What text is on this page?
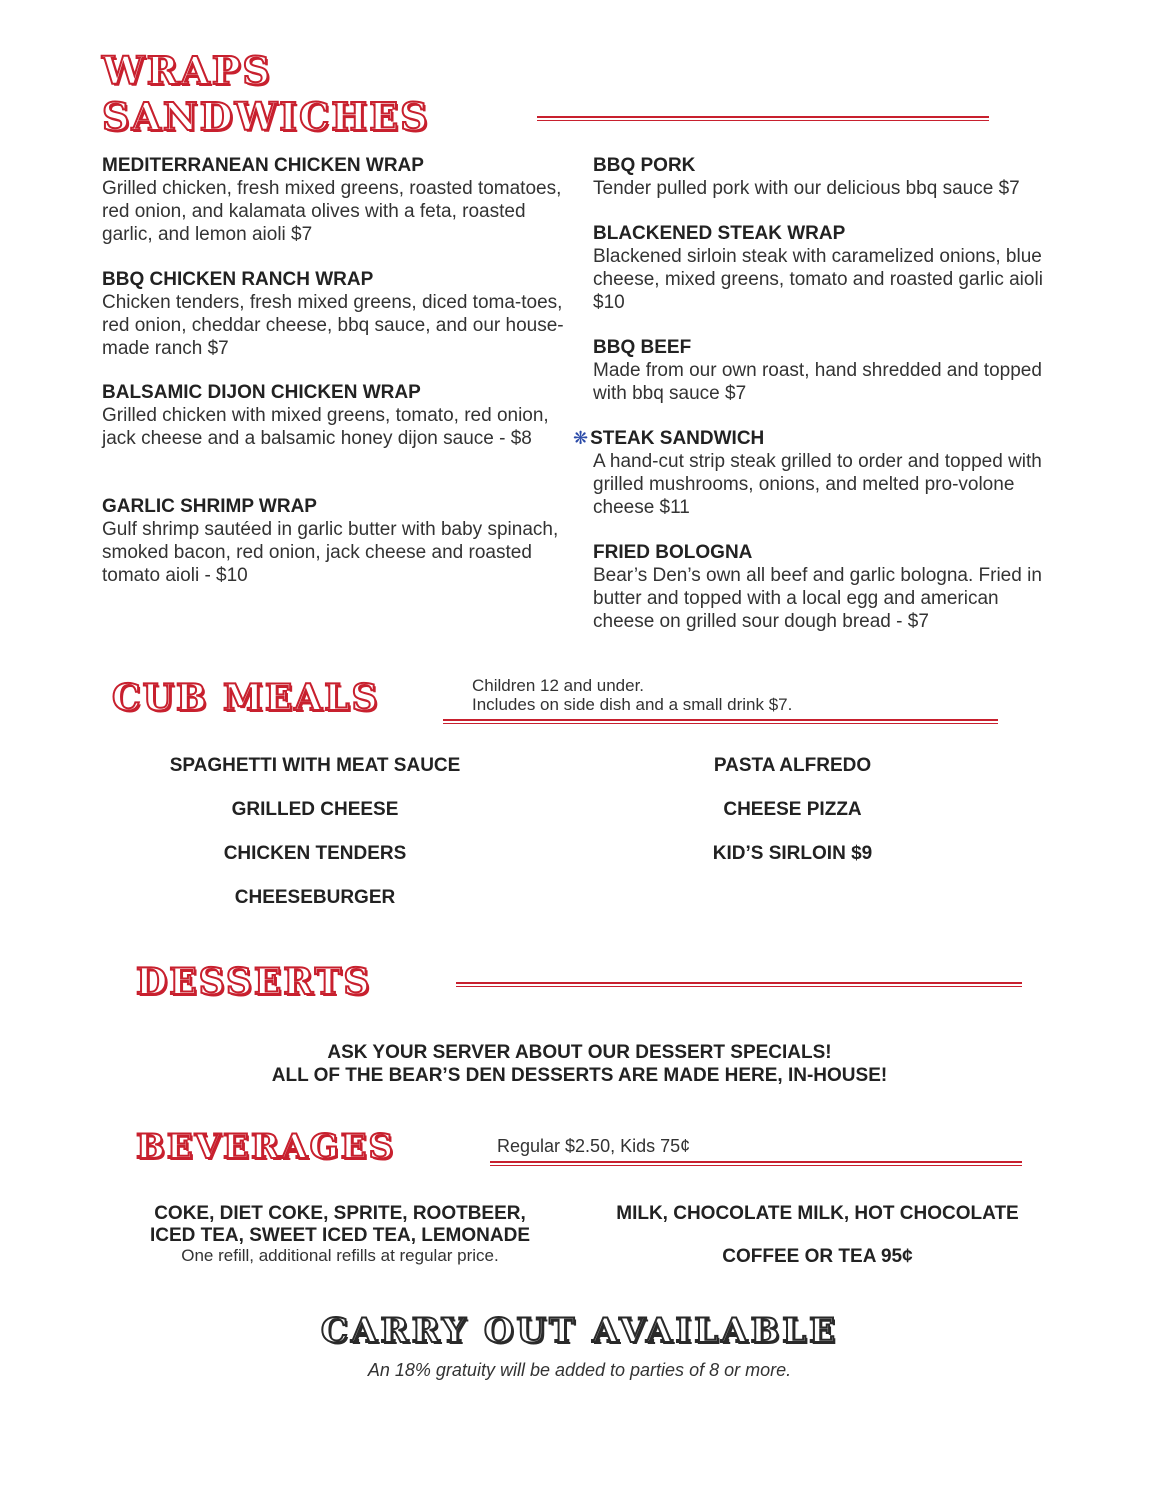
WRAPS
SANDWICHES
MEDITERRANEAN CHICKEN WRAP
Grilled chicken, fresh mixed greens, roasted tomatoes, red onion, and kalamata olives with a feta, roasted garlic, and lemon aioli $7
BBQ CHICKEN RANCH WRAP
Chicken tenders, fresh mixed greens, diced toma-toes, red onion, cheddar cheese, bbq sauce, and our house-made ranch $7
BALSAMIC DIJON CHICKEN WRAP
Grilled chicken with mixed greens, tomato, red onion, jack cheese and a balsamic honey dijon sauce - $8
GARLIC SHRIMP WRAP
Gulf shrimp sautéed in garlic butter with baby spinach, smoked bacon, red onion, jack cheese and roasted tomato aioli - $10
BBQ PORK
Tender pulled pork with our delicious bbq sauce $7
BLACKENED STEAK WRAP
Blackened sirloin steak with caramelized onions, blue cheese, mixed greens, tomato and roasted garlic aioli $10
BBQ BEEF
Made from our own roast, hand shredded and topped with bbq sauce $7
❋ STEAK SANDWICH
A hand-cut strip steak grilled to order and topped with grilled mushrooms, onions, and melted pro-volone cheese $11
FRIED BOLOGNA
Bear’s Den’s own all beef and garlic bologna. Fried in butter and topped with a local egg and american cheese on grilled sour dough bread - $7
CUB MEALS	Children 12 and under.
Includes on side dish and a small drink $7.
SPAGHETTI WITH MEAT SAUCE
GRILLED CHEESE
CHICKEN TENDERS
CHEESEBURGER
PASTA ALFREDO
CHEESE PIZZA
KID’S SIRLOIN $9
DESSERTS
ASK YOUR SERVER ABOUT OUR DESSERT SPECIALS!
ALL OF THE BEAR’S DEN DESSERTS ARE MADE HERE, IN-HOUSE!
BEVERAGES	Regular $2.50, Kids 75¢
COKE, DIET COKE, SPRITE, ROOTBEER,
ICED TEA, SWEET ICED TEA, LEMONADE
One refill, additional refills at regular price.
MILK, CHOCOLATE MILK, HOT CHOCOLATE
COFFEE OR TEA 95¢
CARRY OUT AVAILABLE
An 18% gratuity will be added to parties of 8 or more.
